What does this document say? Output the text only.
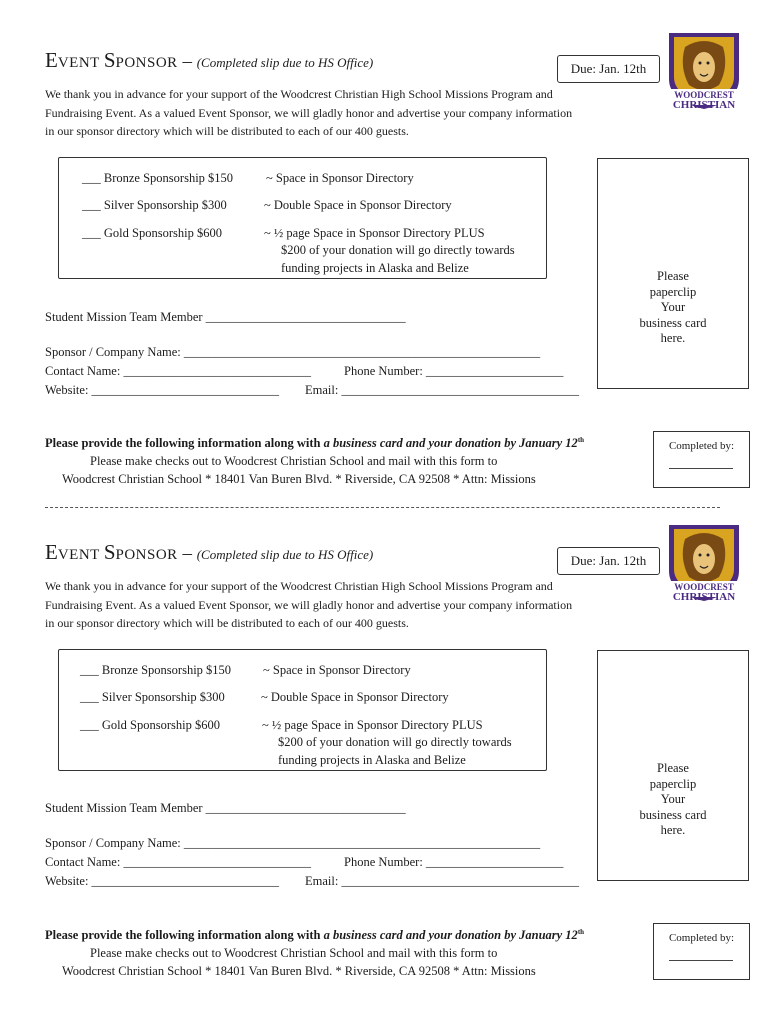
EVENT SPONSOR – (Completed slip due to HS Office)	Due: Jan. 12th
WOODCREST
CHRISTIAN
We thank you in advance for your support of the Woodcrest Christian High School Missions Program and
Fundraising Event. As a valued Event Sponsor, we will gladly honor and advertise your company information
in our sponsor directory which will be distributed to each of our 400 guests.
___ Bronze Sponsorship $150	~ Space in Sponsor Directory
___ Silver Sponsorship $300	~ Double Space in Sponsor Directory
___ Gold Sponsorship $600	~ ½ page Space in Sponsor Directory PLUS
$200 of your donation will go directly towards
funding projects in Alaska and Belize
Please
paperclip
Your
business card
here.
Student Mission Team Member ________________________________
Sponsor / Company Name: _________________________________________________________
Contact Name: ______________________________	Phone Number: ______________________
Website: ______________________________ Email: ______________________________________
Please provide the following information along with a business card and your donation by January 12th
Please make checks out to Woodcrest Christian School and mail with this form to
Woodcrest Christian School * 18401 Van Buren Blvd. * Riverside, CA 92508 * Attn: Missions
Completed by:
EVENT SPONSOR – (Completed slip due to HS Office)	Due: Jan. 12th
WOODCREST
CHRISTIAN
We thank you in advance for your support of the Woodcrest Christian High School Missions Program and
Fundraising Event. As a valued Event Sponsor, we will gladly honor and advertise your company information
in our sponsor directory which will be distributed to each of our 400 guests.
___ Bronze Sponsorship $150	~ Space in Sponsor Directory
___ Silver Sponsorship $300	~ Double Space in Sponsor Directory
___ Gold Sponsorship $600	~ ½ page Space in Sponsor Directory PLUS
$200 of your donation will go directly towards
funding projects in Alaska and Belize
Please
paperclip
Your
business card
here.
Student Mission Team Member ________________________________
Sponsor / Company Name: _________________________________________________________
Contact Name: ______________________________	Phone Number: ______________________
Website: ______________________________ Email: ______________________________________
Please provide the following information along with a business card and your donation by January 12th
Please make checks out to Woodcrest Christian School and mail with this form to
Woodcrest Christian School * 18401 Van Buren Blvd. * Riverside, CA 92508 * Attn: Missions
Completed by:
